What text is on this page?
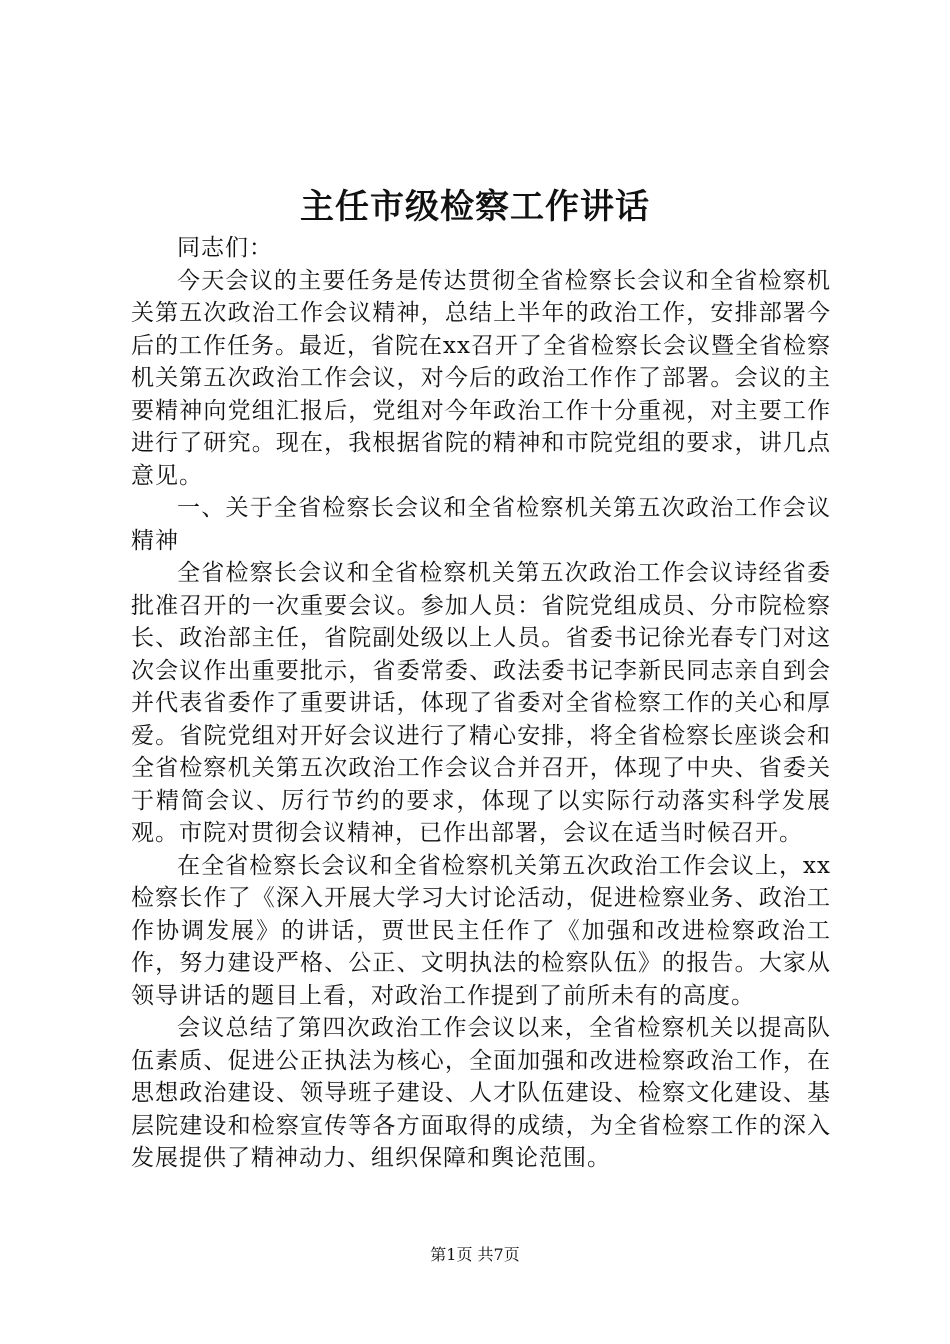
主任市级检察工作讲话

同志们：

今天会议的主要任务是传达贯彻全省检察长会议和全省检察机关第五次政治工作会议精神，总结上半年的政治工作，安排部署今后的工作任务。最近，省院在xx召开了全省检察长会议暨全省检察机关第五次政治工作会议，对今后的政治工作作了部署。会议的主要精神向党组汇报后，党组对今年政治工作十分重视，对主要工作进行了研究。现在，我根据省院的精神和市院党组的要求，讲几点意见。

一、关于全省检察长会议和全省检察机关第五次政治工作会议精神

全省检察长会议和全省检察机关第五次政治工作会议诗经省委批准召开的一次重要会议。参加人员：省院党组成员、分市院检察长、政治部主任，省院副处级以上人员。省委书记徐光春专门对这次会议作出重要批示，省委常委、政法委书记李新民同志亲自到会并代表省委作了重要讲话，体现了省委对全省检察工作的关心和厚爱。省院党组对开好会议进行了精心安排，将全省检察长座谈会和全省检察机关第五次政治工作会议合并召开，体现了中央、省委关于精简会议、厉行节约的要求，体现了以实际行动落实科学发展观。市院对贯彻会议精神，已作出部署，会议在适当时候召开。

在全省检察长会议和全省检察机关第五次政治工作会议上，xx检察长作了《深入开展大学习大讨论活动，促进检察业务、政治工作协调发展》的讲话，贾世民主任作了《加强和改进检察政治工作，努力建设严格、公正、文明执法的检察队伍》的报告。大家从领导讲话的题目上看，对政治工作提到了前所未有的高度。

会议总结了第四次政治工作会议以来，全省检察机关以提高队伍素质、促进公正执法为核心，全面加强和改进检察政治工作，在思想政治建设、领导班子建设、人才队伍建设、检察文化建设、基层院建设和检察宣传等各方面取得的成绩，为全省检察工作的深入发展提供了精神动力、组织保障和舆论范围。

第1页 共7页
